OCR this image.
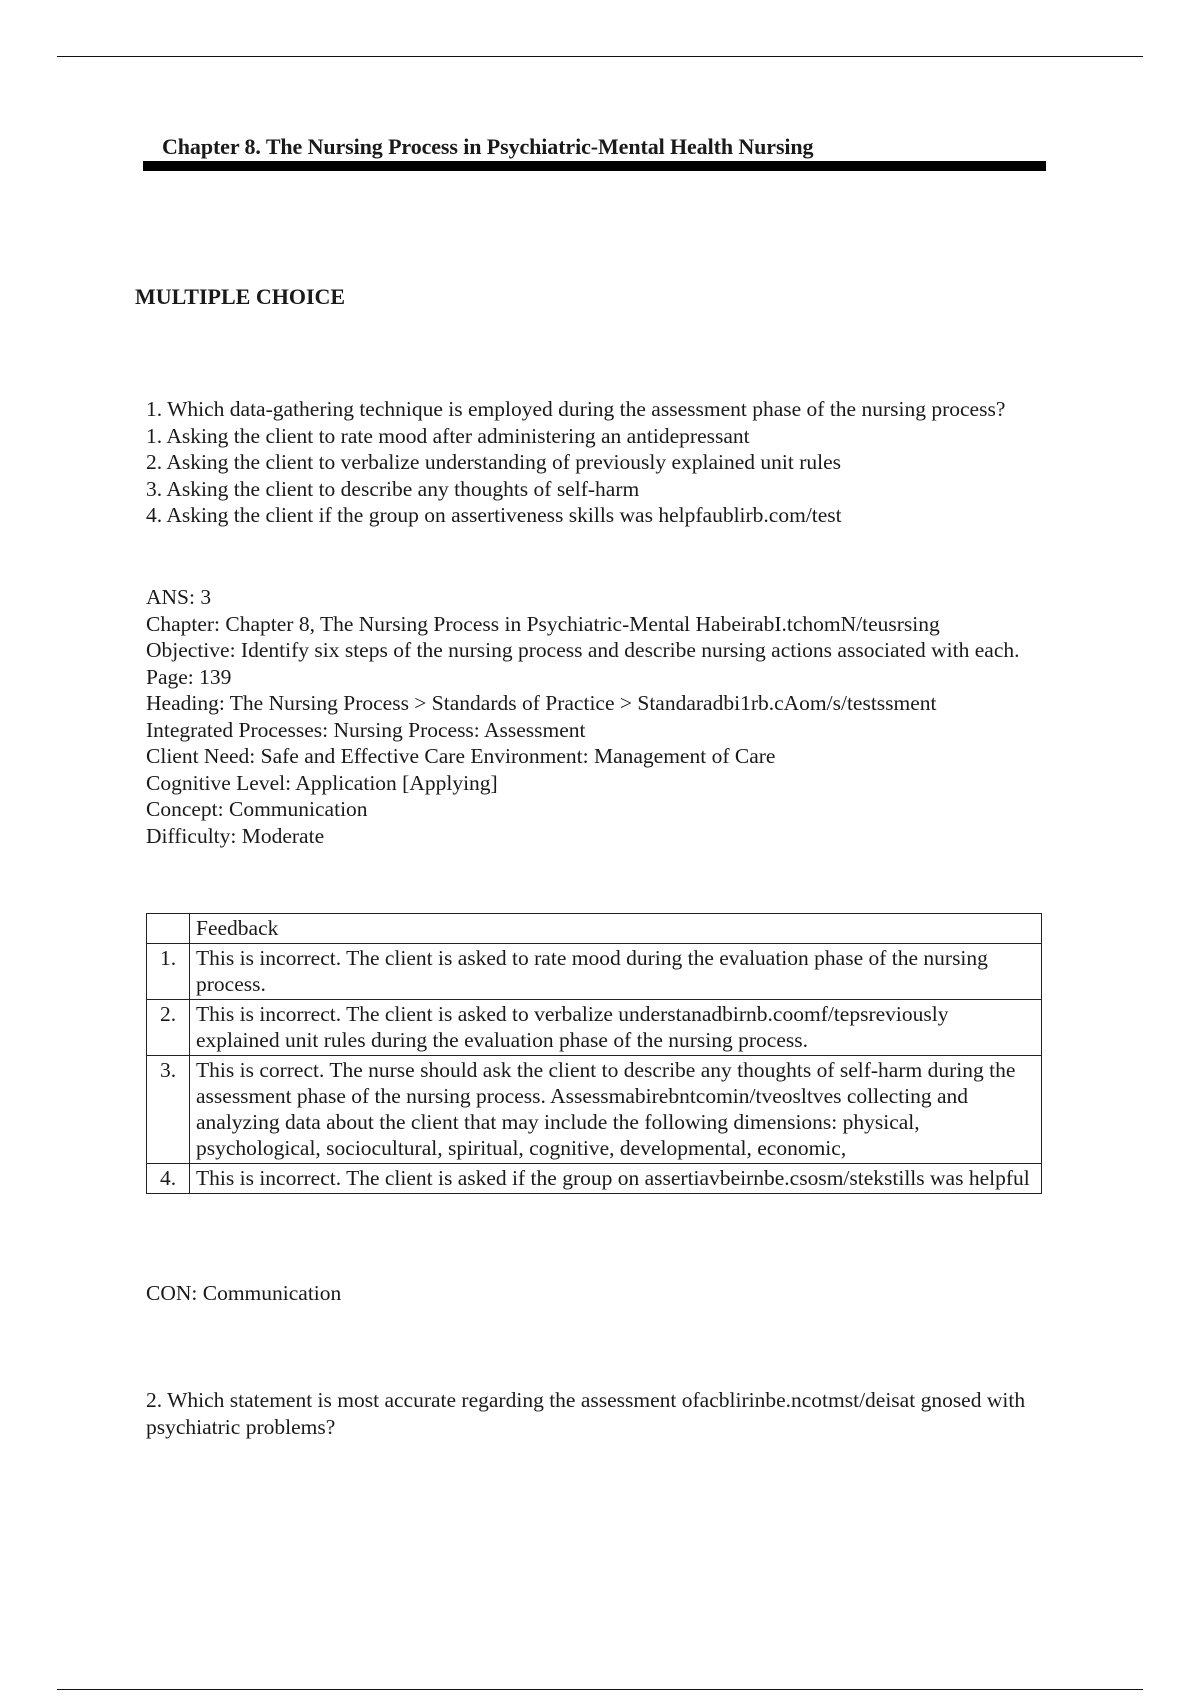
Chapter 8. The Nursing Process in Psychiatric-Mental Health Nursing
MULTIPLE CHOICE

1. Which data-gathering technique is employed during the assessment phase of the nursing process?

1. Asking the client to rate mood after administering an antidepressant

2. Asking the client to verbalize understanding of previously explained unit rules

3. Asking the client to describe any thoughts of self-harm

4. Asking the client if the group on assertiveness skills was helpfaublirb.com/test

ANS: 3

Chapter: Chapter 8, The Nursing Process in Psychiatric-Mental HabeirabI.tchomN/teusrsing

Objective: Identify six steps of the nursing process and describe nursing actions associated with each.

Page: 139

Heading: The Nursing Process > Standards of Practice > Standaradbi1rb.cAom/s/testssment

Integrated Processes: Nursing Process: Assessment

Client Need: Safe and Effective Care Environment: Management of Care

Cognitive Level: Application [Applying]

Concept: Communication

Difficulty: Moderate

	Feedback
1.	This is incorrect. The client is asked to rate mood during the evaluation phase of the nursing process.
2.	This is incorrect. The client is asked to verbalize understanadbirnb.coomf/tepsreviously explained unit rules during the evaluation phase of the nursing process.
3.	This is correct. The nurse should ask the client to describe any thoughts of self-harm during the assessment phase of the nursing process. Assessmabirebntcomin/tveosltves collecting and analyzing data about the client that may include the following dimensions: physical, psychological, sociocultural, spiritual, cognitive, developmental, economic,
4.	This is incorrect. The client is asked if the group on assertiavbeirnbe.csosm/stekstills was helpful
CON: Communication

2. Which statement is most accurate regarding the assessment ofacblirinbe.ncotmst/deisat gnosed with psychiatric problems?
